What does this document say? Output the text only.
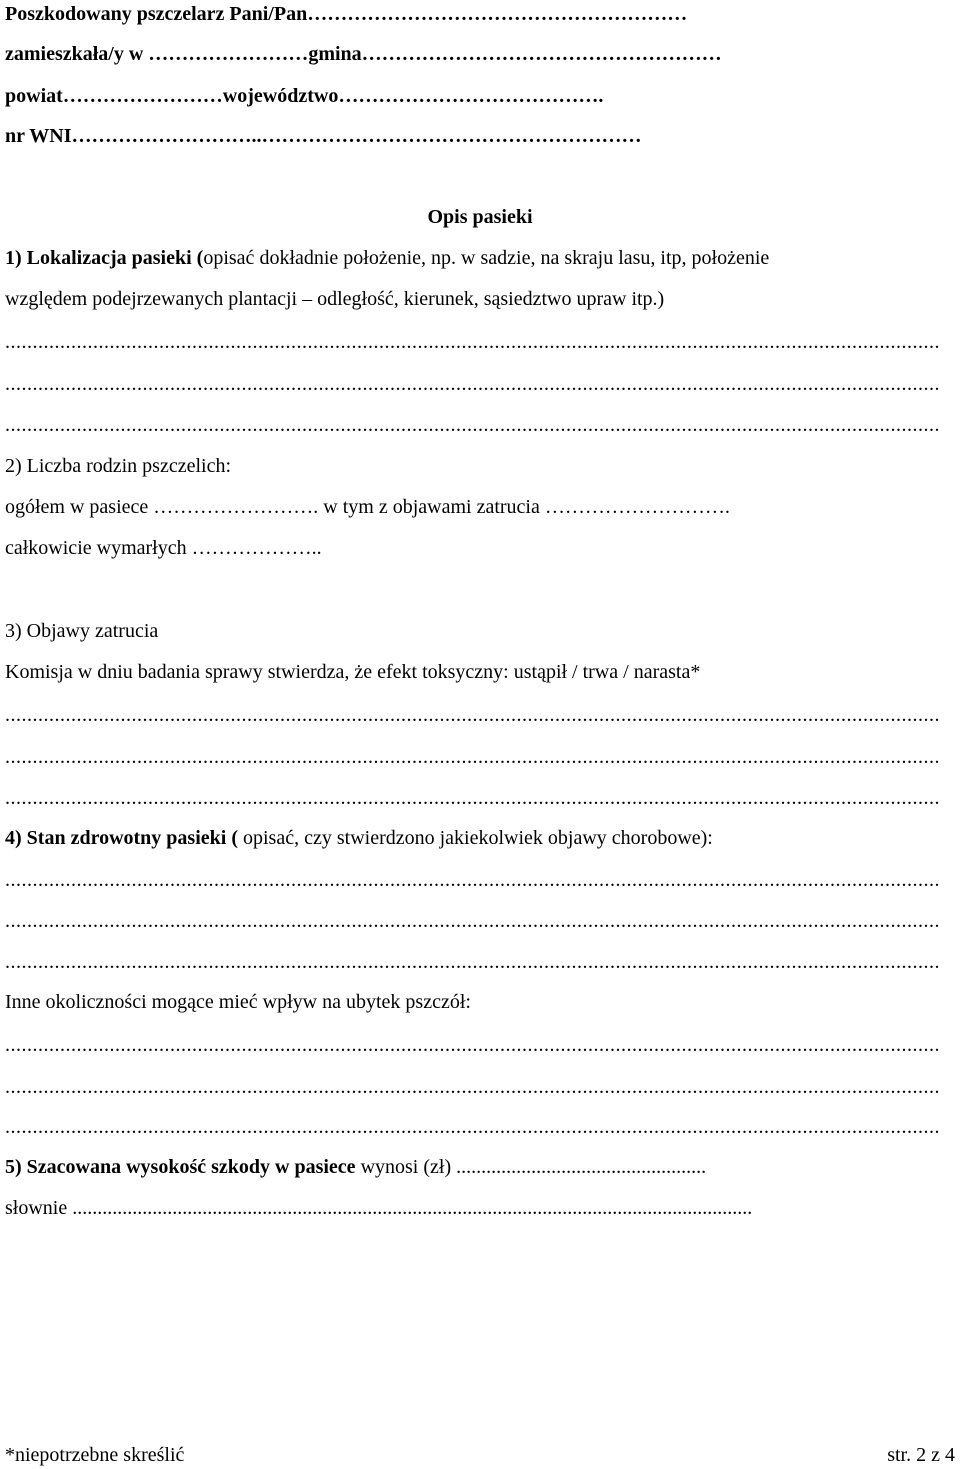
Poszkodowany pszczelarz Pani/Pan…………………………………………………
zamieszkała/y w ……………………gmina………………………………………………
powiat……………………województwo………………………………….
nr WNI………………………..…………………………………………………
Opis pasieki
1) Lokalizacja pasieki (opisać dokładnie położenie, np. w sadzie, na skraju lasu, itp, położenie
względem podejrzewanych plantacji – odległość, kierunek, sąsiedztwo upraw itp.)
..........................................................................................................................................................................
..........................................................................................................................................................................
..........................................................................................................................................................................
2) Liczba rodzin pszczelich:
ogółem w pasiece ……………………. w tym z objawami zatrucia ……………………….
całkowicie wymarłych ………………..
3) Objawy zatrucia
Komisja w dniu badania sprawy stwierdza, że efekt toksyczny: ustąpił / trwa / narasta*
..........................................................................................................................................................................
..........................................................................................................................................................................
..........................................................................................................................................................................
4) Stan zdrowotny pasieki ( opisać, czy stwierdzono jakiekolwiek objawy chorobowe):
..........................................................................................................................................................................
..........................................................................................................................................................................
..........................................................................................................................................................................
Inne okoliczności mogące mieć wpływ na ubytek pszczół:
..........................................................................................................................................................................
..........................................................................................................................................................................
..........................................................................................................................................................................
5) Szacowana wysokość szkody w pasiece wynosi (zł) ..................................................
słownie ........................................................................................................................................
*niepotrzebne skreślić	str. 2 z 4
